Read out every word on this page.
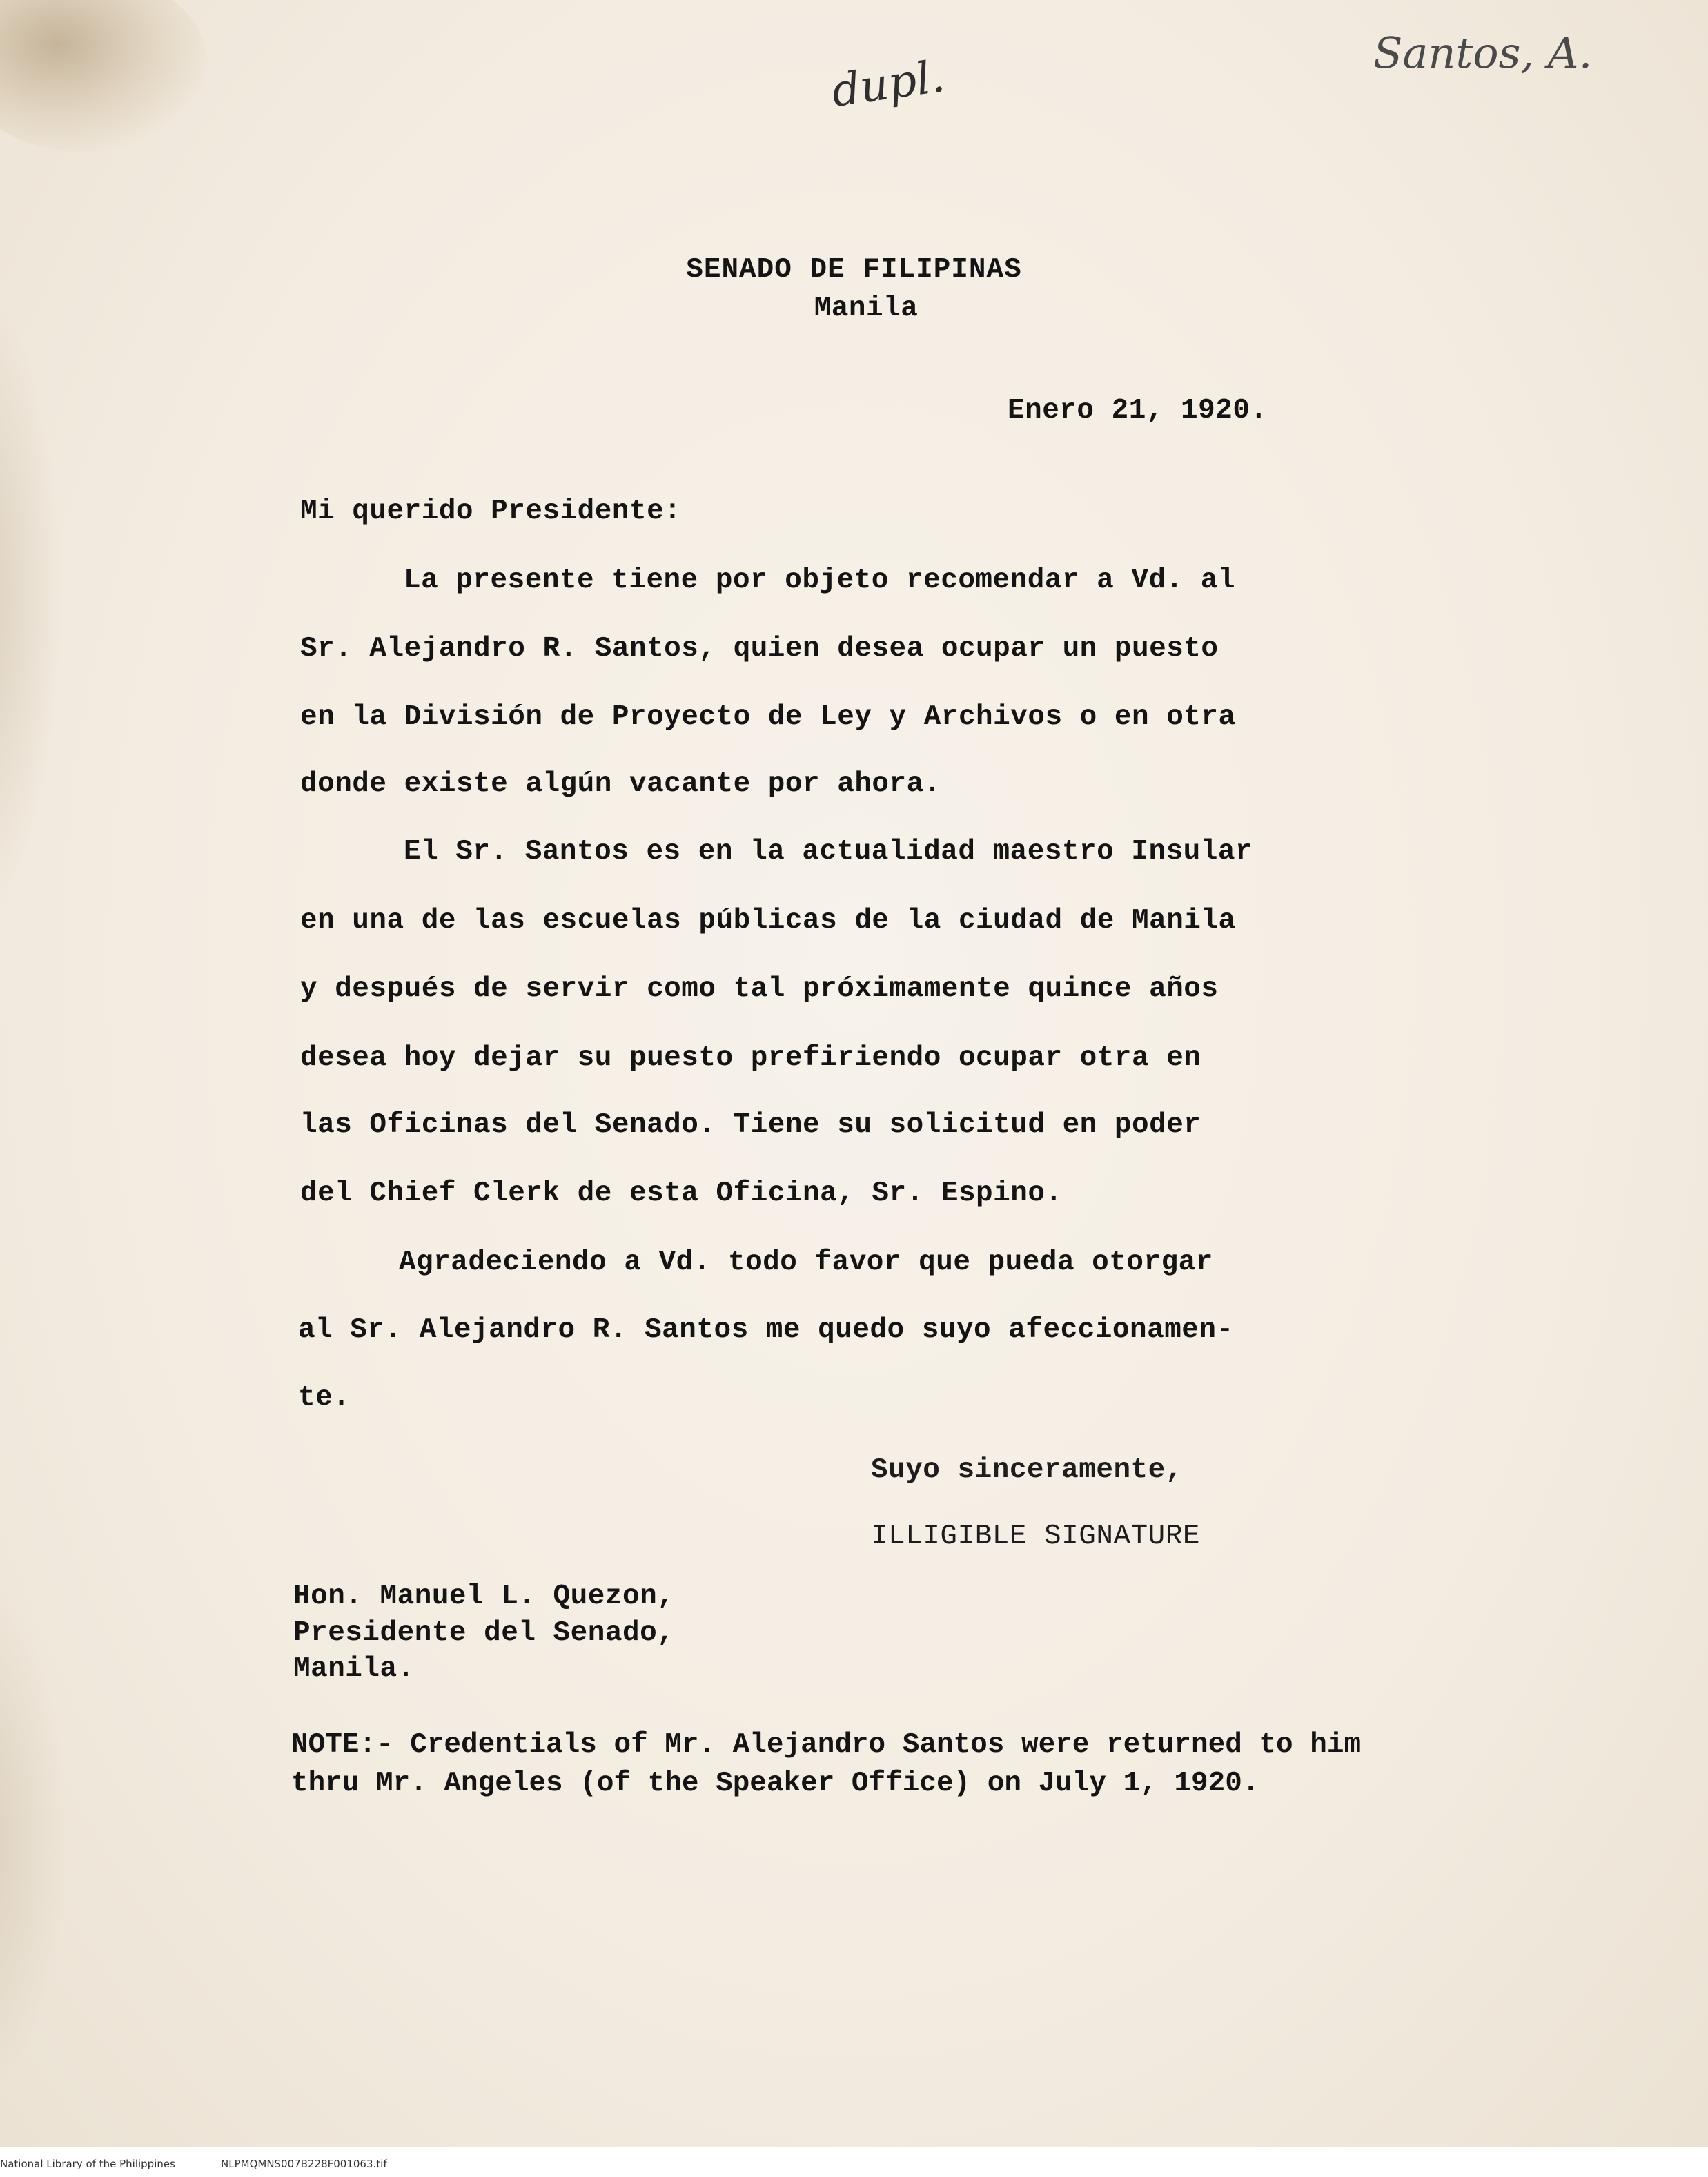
dupl.	Santos, A.
SENADO DE FILIPINAS
Manila
Enero 21, 1920.
Mi querido Presidente:
La presente tiene por objeto recomendar a Vd. al
Sr. Alejandro R. Santos, quien desea ocupar un puesto
en la División de Proyecto de Ley y Archivos o en otra
donde existe algún vacante por ahora.
El Sr. Santos es en la actualidad maestro Insular
en una de las escuelas públicas de la ciudad de Manila
y después de servir como tal próximamente quince años
desea hoy dejar su puesto prefiriendo ocupar otra en
las Oficinas del Senado. Tiene su solicitud en poder
del Chief Clerk de esta Oficina, Sr. Espino.
Agradeciendo a Vd. todo favor que pueda otorgar
al Sr. Alejandro R. Santos me quedo suyo afeccionamen-
te.
Suyo sinceramente,
ILLIGIBLE SIGNATURE
Hon. Manuel L. Quezon,
Presidente del Senado,
Manila.
NOTE:- Credentials of Mr. Alejandro Santos were returned to him
thru Mr. Angeles (of the Speaker Office) on July 1, 1920.
National Library of the Philippines	NLPMQMNS007B228F001063.tif
